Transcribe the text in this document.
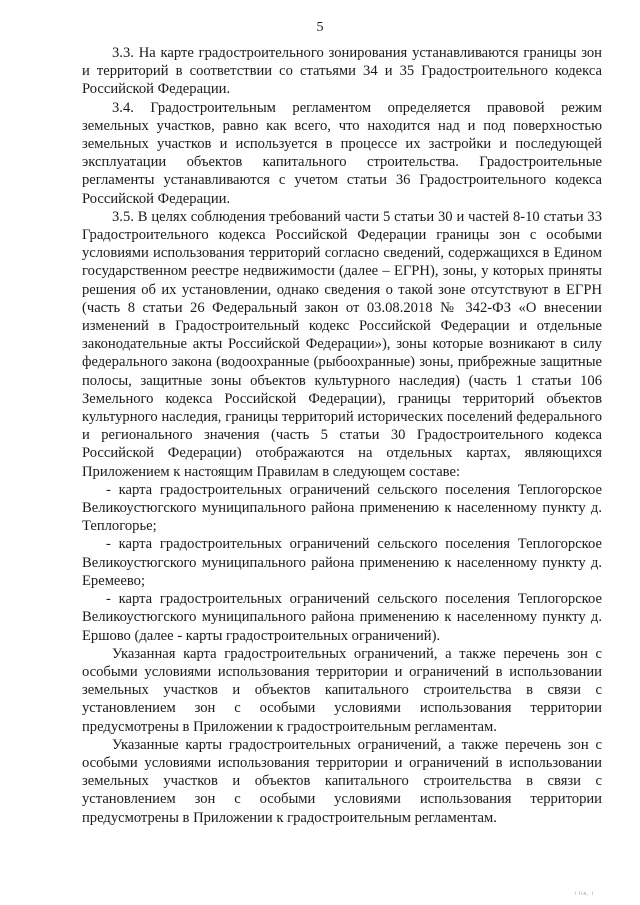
5

3.3. На карте градостроительного зонирования устанавливаются границы зон и территорий в соответствии со статьями 34 и 35 Градостроительного кодекса Российской Федерации.

3.4. Градостроительным регламентом определяется правовой режим земельных участков, равно как всего, что находится над и под поверхностью земельных участков и используется в процессе их застройки и последующей эксплуатации объектов капитального строительства. Градостроительные регламенты устанавливаются с учетом статьи 36 Градостроительного кодекса Российской Федерации.

3.5. В целях соблюдения требований части 5 статьи 30 и частей 8-10 статьи 33 Градостроительного кодекса Российской Федерации границы зон с особыми условиями использования территорий согласно сведений, содержащихся в Едином государственном реестре недвижимости (далее – ЕГРН), зоны, у которых приняты решения об их установлении, однако сведения о такой зоне отсутствуют в ЕГРН (часть 8 статьи 26 Федеральный закон от 03.08.2018 № 342-ФЗ «О внесении изменений в Градостроительный кодекс Российской Федерации и отдельные законодательные акты Российской Федерации»), зоны которые возникают в силу федерального закона (водоохранные (рыбоохранные) зоны, прибрежные защитные полосы, защитные зоны объектов культурного наследия) (часть 1 статьи 106 Земельного кодекса Российской Федерации), границы территорий объектов культурного наследия, границы территорий исторических поселений федерального и регионального значения (часть 5 статьи 30 Градостроительного кодекса Российской Федерации) отображаются на отдельных картах, являющихся Приложением к настоящим Правилам в следующем составе:

- карта градостроительных ограничений сельского поселения Теплогорское Великоустюгского муниципального района применению к населенному пункту д. Теплогорье;

- карта градостроительных ограничений сельского поселения Теплогорское Великоустюгского муниципального района применению к населенному пункту д. Еремеево;

- карта градостроительных ограничений сельского поселения Теплогорское Великоустюгского муниципального района применению к населенному пункту д. Ершово (далее - карты градостроительных ограничений).

Указанная карта градостроительных ограничений, а также перечень зон с особыми условиями использования территории и ограничений в использовании земельных участков и объектов капитального строительства в связи с установлением зон с особыми условиями использования территории предусмотрены в Приложении к градостроительным регламентам.

Указанные карты градостроительных ограничений, а также перечень зон с особыми условиями использования территории и ограничений в использовании земельных участков и объектов капитального строительства в связи с установлением зон с особыми условиями использования территории предусмотрены в Приложении к градостроительным регламентам.

i lia, i
